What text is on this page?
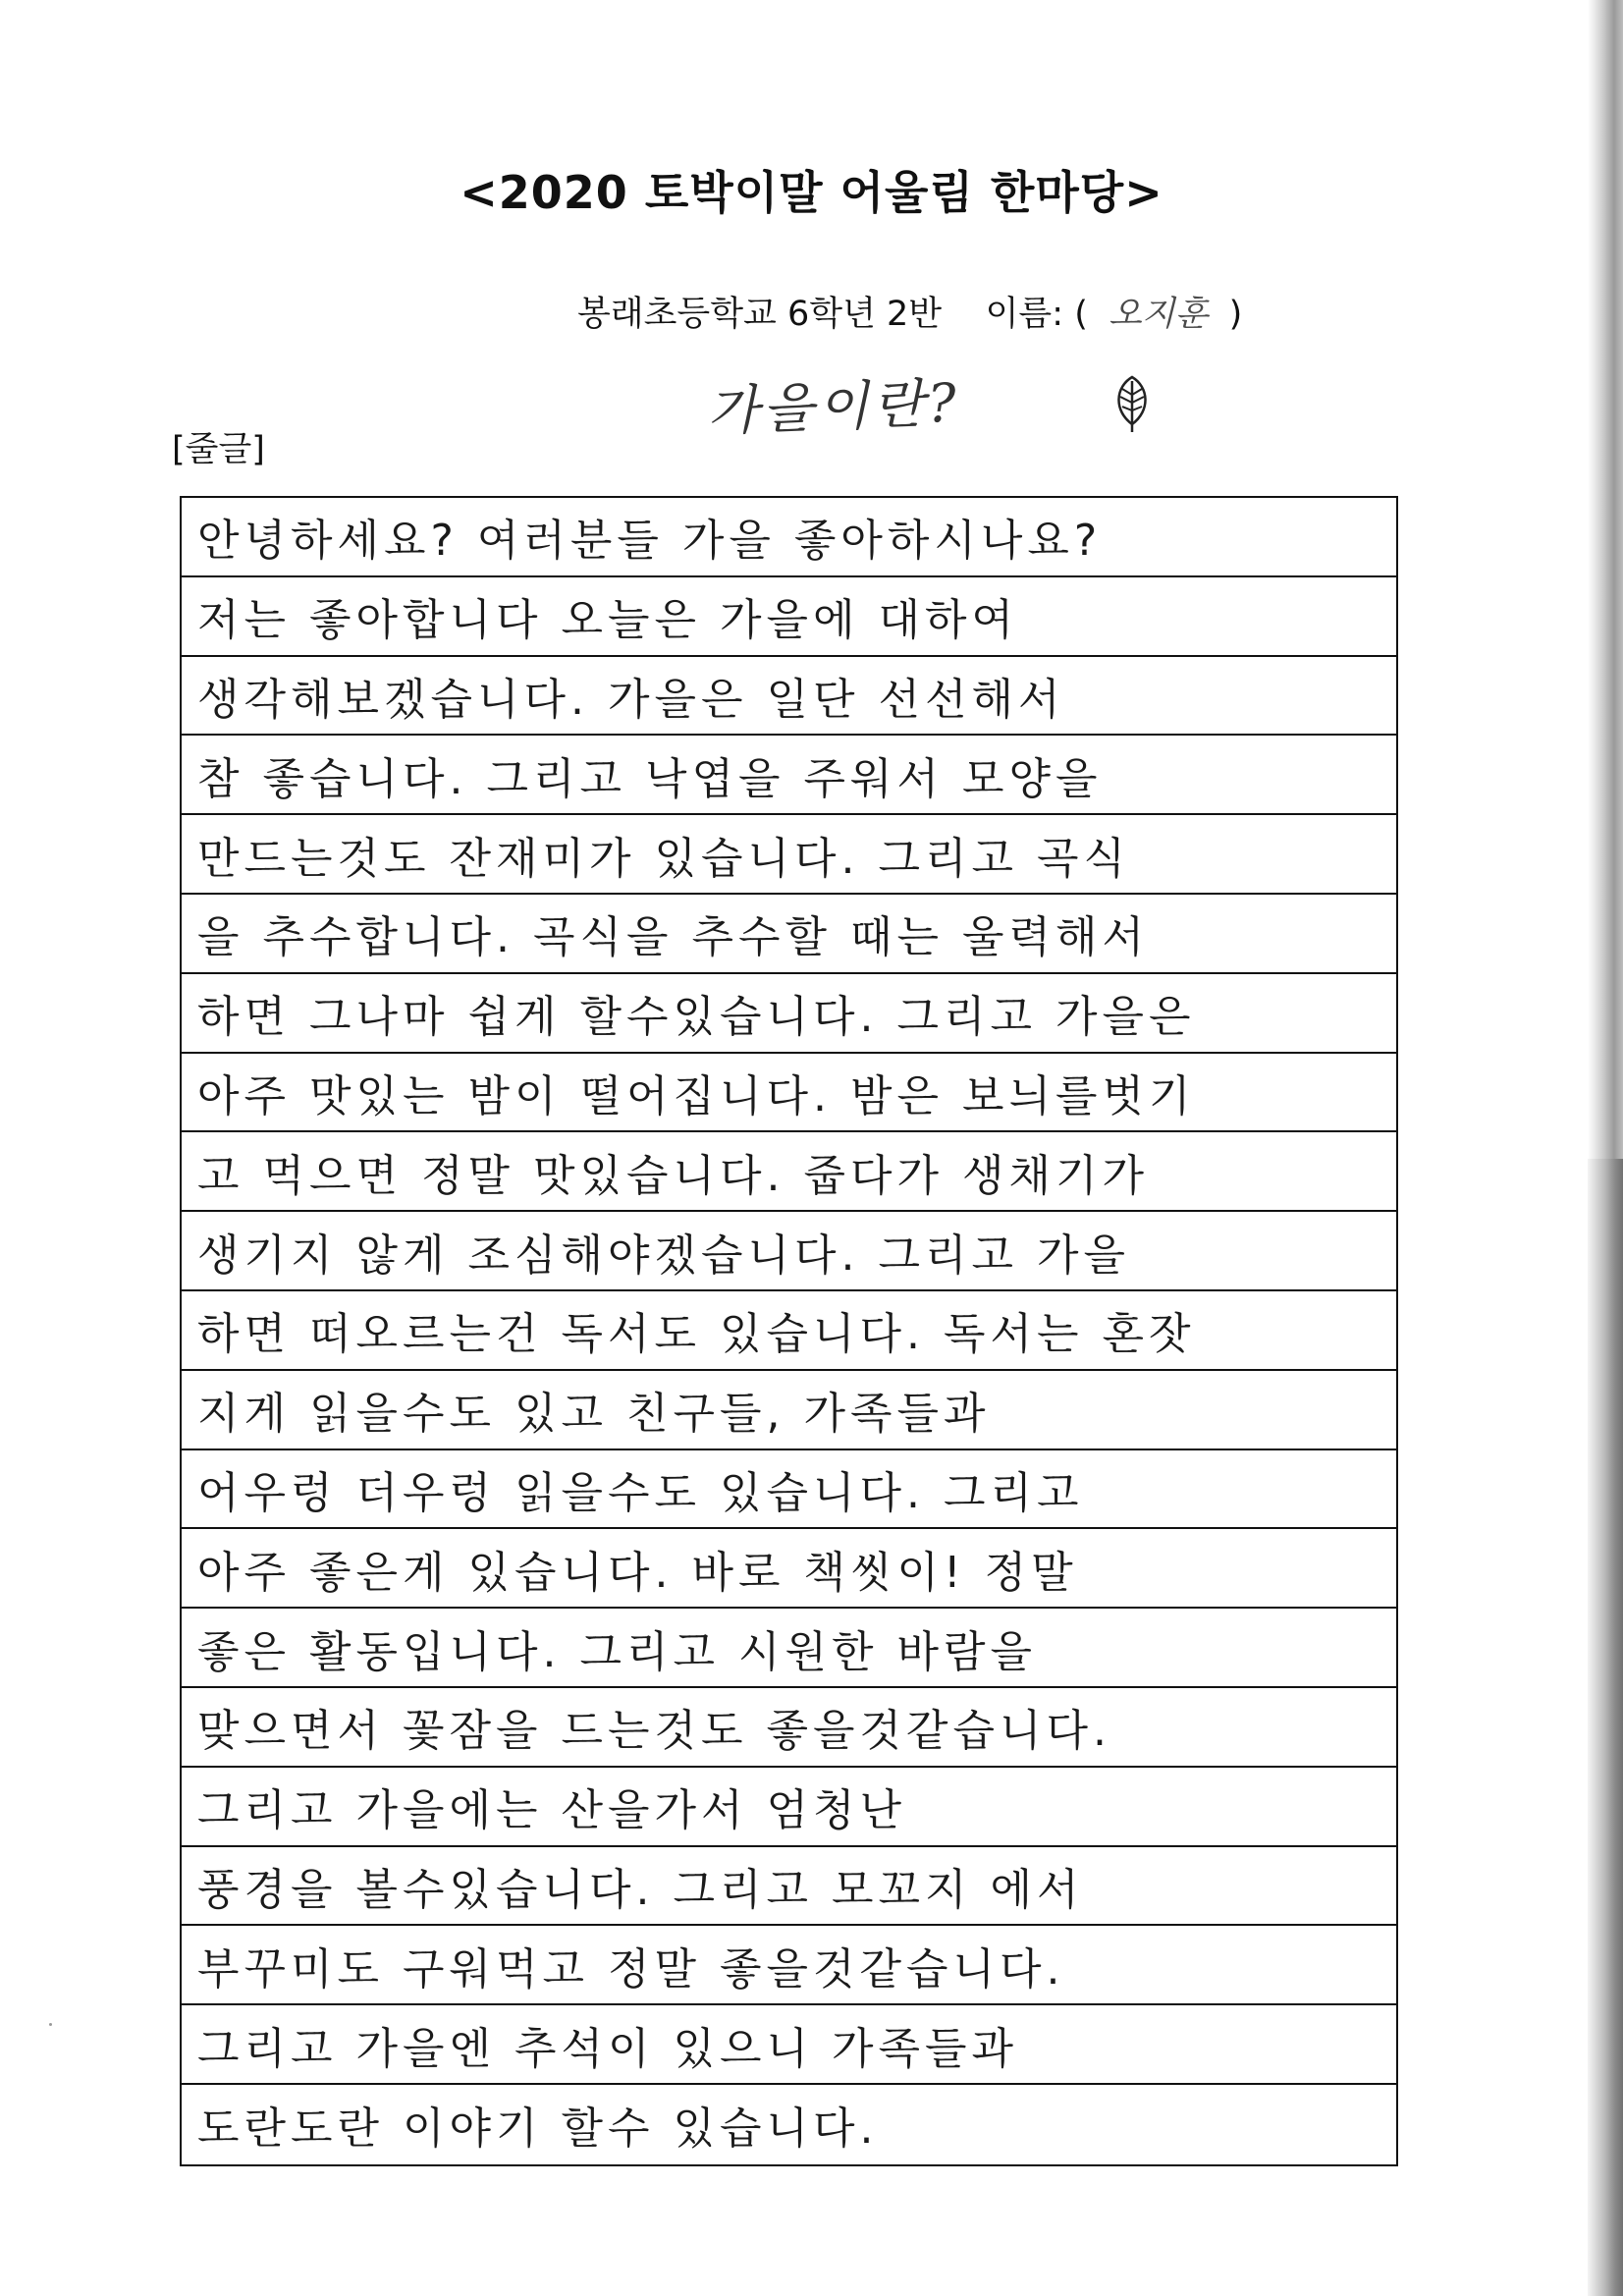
<2020 토박이말 어울림 한마당>
봉래초등학교 6학년 2반 이름: ( 오지훈 )
가을이란?
[줄글]
안녕하세요? 여러분들 가을 좋아하시나요?
저는 좋아합니다 오늘은 가을에 대하여
생각해보겠습니다. 가을은 일단 선선해서
참 좋습니다. 그리고 낙엽을 주워서 모양을
만드는것도 잔재미가 있습니다. 그리고 곡식
을 추수합니다. 곡식을 추수할 때는 울력해서
하면 그나마 쉽게 할수있습니다. 그리고 가을은
아주 맛있는 밤이 떨어집니다. 밤은 보늬를벗기
고 먹으면 정말 맛있습니다. 줍다가 생채기가
생기지 않게 조심해야겠습니다. 그리고 가을
하면 떠오르는건 독서도 있습니다. 독서는 혼잣
지게 읽을수도 있고 친구들, 가족들과
어우렁 더우렁 읽을수도 있습니다. 그리고
아주 좋은게 있습니다. 바로 책씻이! 정말
좋은 활동입니다. 그리고 시원한 바람을
맞으면서 꽃잠을 드는것도 좋을것같습니다.
그리고 가을에는 산을가서 엄청난
풍경을 볼수있습니다. 그리고 모꼬지 에서
부꾸미도 구워먹고 정말 좋을것같습니다.
그리고 가을엔 추석이 있으니 가족들과
도란도란 이야기 할수 있습니다.
